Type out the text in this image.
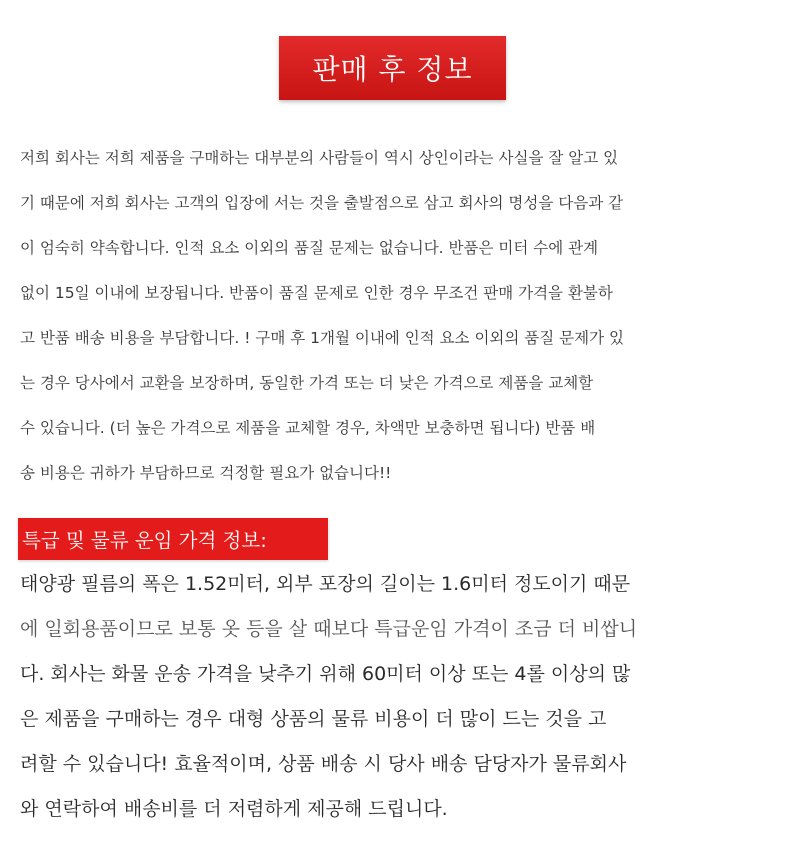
판매 후 정보
저희 회사는 저희 제품을 구매하는 대부분의 사람들이 역시 상인이라는 사실을 잘 알고 있
기 때문에 저희 회사는 고객의 입장에 서는 것을 출발점으로 삼고 회사의 명성을 다음과 같
이 엄숙히 약속합니다. 인적 요소 이외의 품질 문제는 없습니다. 반품은 미터 수에 관계
없이 15일 이내에 보장됩니다. 반품이 품질 문제로 인한 경우 무조건 판매 가격을 환불하
고 반품 배송 비용을 부담합니다. ! 구매 후 1개월 이내에 인적 요소 이외의 품질 문제가 있
는 경우 당사에서 교환을 보장하며, 동일한 가격 또는 더 낮은 가격으로 제품을 교체할
수 있습니다. (더 높은 가격으로 제품을 교체할 경우, 차액만 보충하면 됩니다) 반품 배
송 비용은 귀하가 부담하므로 걱정할 필요가 없습니다!!
특급 및 물류 운임 가격 정보:
태양광 필름의 폭은 1.52미터, 외부 포장의 길이는 1.6미터 정도이기 때문
에 일회용품이므로 보통 옷 등을 살 때보다 특급운임 가격이 조금 더 비쌉니
다. 회사는 화물 운송 가격을 낮추기 위해 60미터 이상 또는 4롤 이상의 많
은 제품을 구매하는 경우 대형 상품의 물류 비용이 더 많이 드는 것을 고
려할 수 있습니다! 효율적이며, 상품 배송 시 당사 배송 담당자가 물류회사
와 연락하여 배송비를 더 저렴하게 제공해 드립니다.
